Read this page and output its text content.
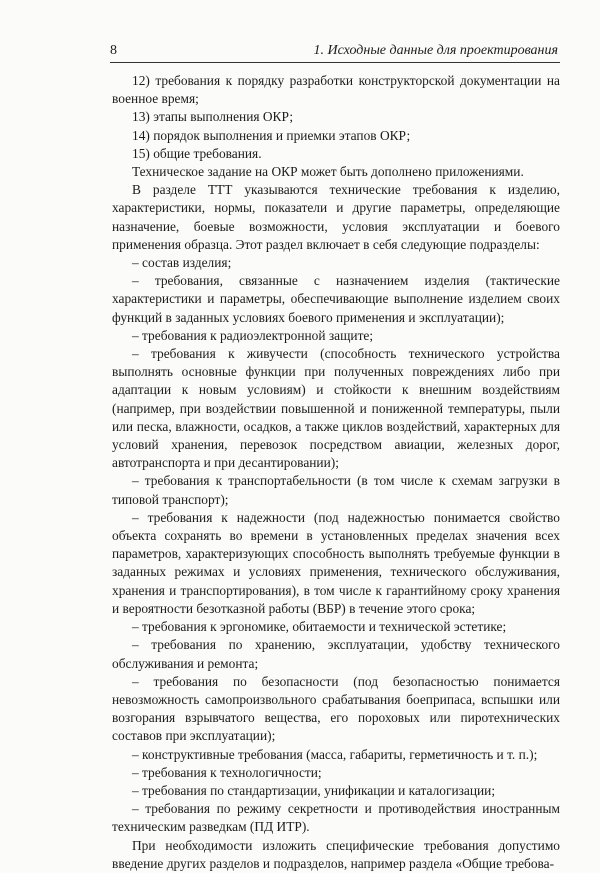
8	1. Исходные данные для проектирования

12) требования к порядку разработки конструкторской документации на военное время;

13) этапы выполнения ОКР;

14) порядок выполнения и приемки этапов ОКР;

15) общие требования.

Техническое задание на ОКР может быть дополнено приложениями.

В разделе ТТТ указываются технические требования к изделию, характеристики, нормы, показатели и другие параметры, определяющие назначение, боевые возможности, условия эксплуатации и боевого применения образца. Этот раздел включает в себя следующие подразделы:

– состав изделия;

– требования, связанные с назначением изделия (тактические характеристики и параметры, обеспечивающие выполнение изделием своих функций в заданных условиях боевого применения и эксплуатации);

– требования к радиоэлектронной защите;

– требования к живучести (способность технического устройства выполнять основные функции при полученных повреждениях либо при адаптации к новым условиям) и стойкости к внешним воздействиям (например, при воздействии повышенной и пониженной температуры, пыли или песка, влажности, осадков, а также циклов воздействий, характерных для условий хранения, перевозок посредством авиации, железных дорог, автотранспорта и при десантировании);

– требования к транспортабельности (в том числе к схемам загрузки в типовой транспорт);

– требования к надежности (под надежностью понимается свойство объекта сохранять во времени в установленных пределах значения всех параметров, характеризующих способность выполнять требуемые функции в заданных режимах и условиях применения, технического обслуживания, хранения и транспортирования), в том числе к гарантийному сроку хранения и вероятности безотказной работы (ВБР) в течение этого срока;

– требования к эргономике, обитаемости и технической эстетике;

– требования по хранению, эксплуатации, удобству технического обслуживания и ремонта;

– требования по безопасности (под безопасностью понимается невозможность самопроизвольного срабатывания боеприпаса, вспышки или возгорания взрывчатого вещества, его пороховых или пиротехнических составов при эксплуатации);

– конструктивные требования (масса, габариты, герметичность и т. п.);

– требования к технологичности;

– требования по стандартизации, унификации и каталогизации;

– требования по режиму секретности и противодействия иностранным техническим разведкам (ПД ИТР).

При необходимости изложить специфические требования допустимо введение других разделов и подразделов, например раздела «Общие требова-
